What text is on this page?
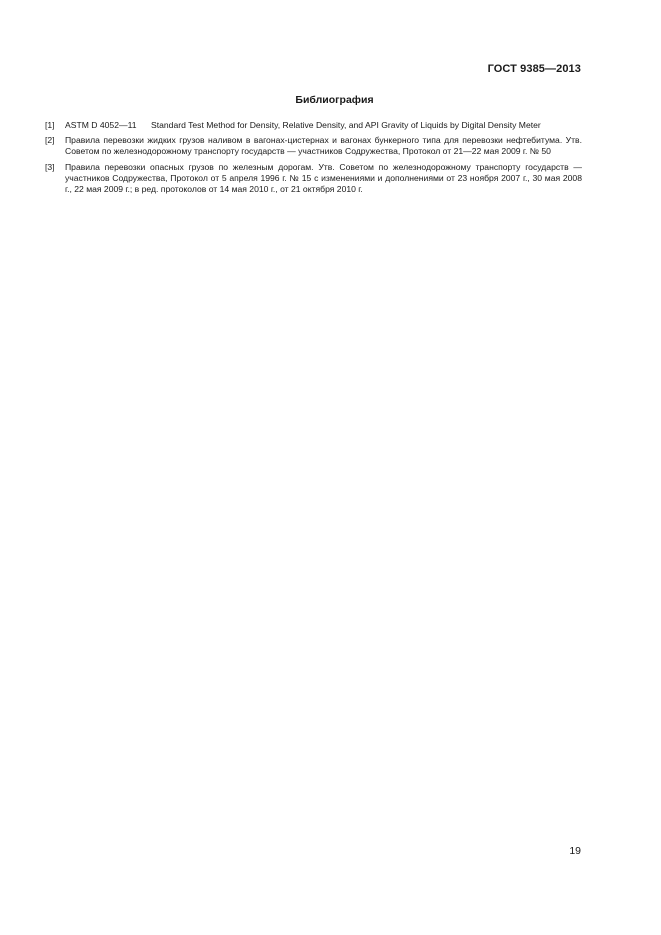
ГОСТ 9385—2013
Библиография
[1]	ASTM D 4052—11	Standard Test Method for Density, Relative Density, and API Gravity of Liquids by Digital Density Meter
[2]	Правила перевозки жидких грузов наливом в вагонах-цистернах и вагонах бункерного типа для перевозки нефтебитума. Утв. Советом по железнодорожному транспорту государств — участников Содружества, Протокол от 21—22 мая 2009 г. № 50
[3]	Правила перевозки опасных грузов по железным дорогам. Утв. Советом по железнодорожному транспорту государств — участников Содружества, Протокол от 5 апреля 1996 г. № 15 с изменениями и дополнениями от 23 ноября 2007 г., 30 мая 2008 г., 22 мая 2009 г.; в ред. протоколов от 14 мая 2010 г., от 21 октября 2010 г.
19
